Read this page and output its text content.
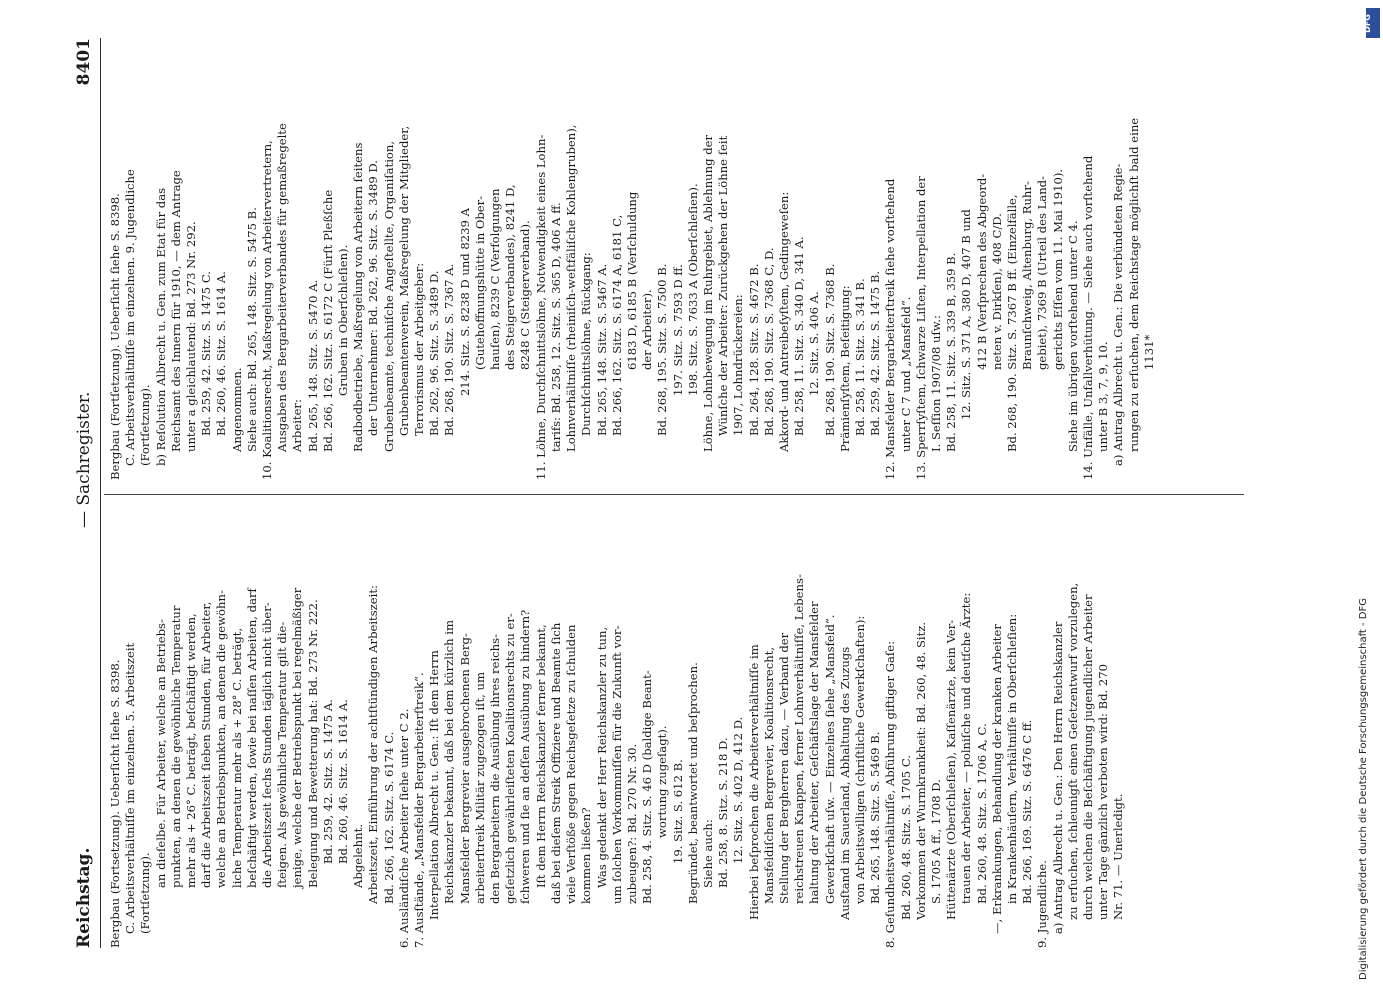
Reichstag.
— Sachregister.
8401
Bergbau (Fortsetzung). Ueberſicht ſiehe S. 8398. C. Arbeitsverhältniſſe im einzelnen. 5. Arbeitszeit (Fortſetzung).
an dieſelbe. Für Arbeiter, welche an Betriebs- punkten, an denen die gewöhnliche Temperatur mehr als + 26° C. beträgt, beſchäftigt werden, darf die Arbeitszeit ſieben Stunden, für Arbeiter, welche an Betriebspunkten, an denen die gewöhn- liche Temperatur mehr als + 28° C. beträgt, beſchäftigt werden, ſowie bei naſſen Arbeiten, darf die Arbeitszeit ſechs Stunden täglich nicht über- ſteigen. Als gewöhnliche Temperatur gilt die- jenige, welche der Betriebspunkt bei regelmäßiger Belegung und Bewetterung hat: Bd. 273 Nr. 222. Bd. 259, 42. Sitz. S. 1475 A. Bd. 260, 46. Sitz. S. 1614 A. Abgelehnt. Arbeitszeit, Einführung der achtſtündigen Arbeitszeit: Bd. 266, 162. Sitz. S. 6174 C. 6. Ausländiſche Arbeiter ſiehe unter C 2. 7. Ausſtände, „Mansfelder Bergarbeiterſtreik“. Interpellation Albrecht u. Gen.: Iſt dem Herrn Reichskanzler bekannt, daß bei dem kürzlich im Mansfelder Bergrevier ausgebrochenen Berg- arbeiterſtreik Militär zugezogen iſt, um den Bergarbeitern die Ausübung ihres reichs- geſetzlich gewährleiſteten Koalitionsrechts zu er- ſchweren und ſie an deſſen Ausübung zu hindern? Iſt dem Herrn Reichskanzler ferner bekannt, daß bei dieſem Streik Offiziere und Beamte ſich viele Verſtöße gegen Reichsgeſetze zu ſchulden kommen ließen? Was gedenkt der Herr Reichskanzler zu tun, um ſolchen Vorkommniſſen für die Zukunft vor- zubeugen?: Bd. 270 Nr. 30. Bd. 258, 4. Sitz. S. 46 D (baldige Beant- wortung zugeſagt). 19. Sitz. S. 612 B. Begründet, beantwortet und beſprochen. Siehe auch: Bd. 258, 8. Sitz. S. 218 D. 12. Sitz. S. 402 D, 412 D. Hierbei beſprochen die Arbeiterverhältniſſe im Mansfeldiſchen Bergrevier, Koalitionsrecht, Stellung der Bergherren dazu, — Verband der reichstreuen Knappen, ferner Lohnverhältniſſe, Lebens- haltung der Arbeiter, Geſchäftslage der Mansfelder Gewerkſchaft uſw. — Einzelnes ſiehe „Mansfeld“. Ausſtand im Sauerland, Abhaltung des Zuzugs von Arbeitswilligen (chriſtliche Gewerkſchaften): Bd. 265, 148. Sitz. S. 5469 B. 8. Geſundheitsverhältniſſe, Abführung giftiger Gaſe: Bd. 260, 48. Sitz. S. 1705 C. Vorkommen der Wurmkrankheit: Bd. 260, 48. Sitz. S. 1705 A ff., 1708 D. Hüttenärzte (Oberſchleſien), Kaſſenärzte, kein Ver- trauen der Arbeiter, — polniſche und deutſche Ärzte: Bd. 260, 48. Sitz. S. 1706 A, C. —, Erkrankungen, Behandlung der kranken Arbeiter in Krankenhäuſern, Verhältniſſe in Oberſchleſien: Bd. 266, 169. Sitz. S. 6476 C ff.
9. Jugendliche. a) Antrag Albrecht u. Gen.: Den Herrn Reichskanzler zu erſuchen, ſchleunigſt einen Geſetzentwurf vorzulegen, durch welchen die Beſchäftigung jugendlicher Arbeiter unter Tage gänzlich verboten wird: Bd. 270 Nr. 71. — Unerledigt.
Bergbau (Fortſetzung). Ueberſicht ſiehe S. 8398. C. Arbeitsverhältniſſe im einzelnen. 9. Jugendliche (Fortſetzung). b) Reſolution Albrecht u. Gen. zum Etat für das Reichsamt des Innern für 1910, — dem Antrage unter a gleichlautend: Bd. 273 Nr. 292. Bd. 259, 42. Sitz. S. 1475 C. Bd. 260, 46. Sitz. S. 1614 A. Angenommen. Siehe auch: Bd. 265, 148. Sitz. S. 5475 B. 10. Koalitionsrecht, Maßregelung von Arbeitervertretern, Ausgaben des Bergarbeiterverbandes für gemaßregelte Arbeiter: Bd. 265, 148. Sitz. S. 5470 A. Bd. 266, 162. Sitz. S. 6172 C (Fürſt Pleßſche Gruben in Oberſchleſien). Radbodbetriebe, Maßregelung von Arbeitern ſeitens der Unternehmer: Bd. 262, 96. Sitz. S. 3489 D. Grubenbeamte, techniſche Angeſtellte, Organiſation, Grubenbeamtenverein, Maßregelung der Mitglieder, Terrorismus der Arbeitgeber: Bd. 262, 96. Sitz. S. 3489 D. Bd. 268, 190. Sitz. S. 7367 A. 214. Sitz. S. 8238 D und 8239 A (Gutehoffnungshütte in Ober- hauſen), 8239 C (Verfolgungen des Steigerverbandes), 8241 D, 8248 C (Steigerverband). 11. Löhne, Durchſchnittslöhne, Notwendigkeit eines Lohn- tarifs: Bd. 258, 12. Sitz. S. 365 D, 406 A ff. Lohnverhältniſſe (rheiniſch-weſtfäliſche Kohlengruben), Durchſchnittslöhne, Rückgang: Bd. 265, 148. Sitz. S. 5467 A. Bd. 266, 162. Sitz. S. 6174 A, 6181 C, 6183 D, 6185 B (Verſchuldung der Arbeiter). Bd. 268, 195. Sitz. S. 7500 B. 197. Sitz. S. 7593 D ff. 198. Sitz. S. 7633 A (Oberſchleſien). Löhne, Lohnbewegung im Ruhrgebiet, Ablehnung der Wünſche der Arbeiter: Zurückgehen der Löhne ſeit 1907, Lohndrückereien: Bd. 264, 128. Sitz. S. 4672 B. Bd. 268, 190. Sitz. S. 7368 C, D. Akkord- und Antreibeſyſtem, Gedingeweſen: Bd. 258, 11. Sitz. S. 340 D, 341 A. 12. Sitz. S. 406 A. Bd. 268, 190. Sitz. S. 7368 B. Prämienſyſtem, Beſeitigung: Bd. 258, 11. Sitz. S. 341 B. Bd. 259, 42. Sitz. S. 1475 B. 12. Mansfelder Bergarbeiterſtreik ſiehe vorſtehend unter C 7 und „Mansfeld“. 13. Sperrſyſtem, ſchwarze Liſten, Interpellation der I. Seſſion 1907/08 uſw.: Bd. 258, 11. Sitz. S. 339 B, 359 B. 12. Sitz. S. 371 A, 380 D, 407 B und 412 B (Verſprechen des Abgeord- neten v. Dirkſen), 408 C/D. Bd. 268, 190. Sitz. S. 7367 B ff. (Einzelfälle, Braunſchweig, Altenburg, Ruhr- gebiet), 7369 B (Urteil des Land- gerichts Eſſen vom 11. Mai 1910). Siehe im übrigen vorſtehend unter C 4. 14. Unfälle, Unfallverhütung. — Siehe auch vorſtehend unter B 3, 7, 9, 10. a) Antrag Albrecht u. Gen.: Die verbündeten Regie- rungen zu erſuchen, dem Reichstage möglichſt bald eine 1131*
DFG
Digitalisierung gefördert durch die Deutsche Forschungsgemeinschaft - DFG
